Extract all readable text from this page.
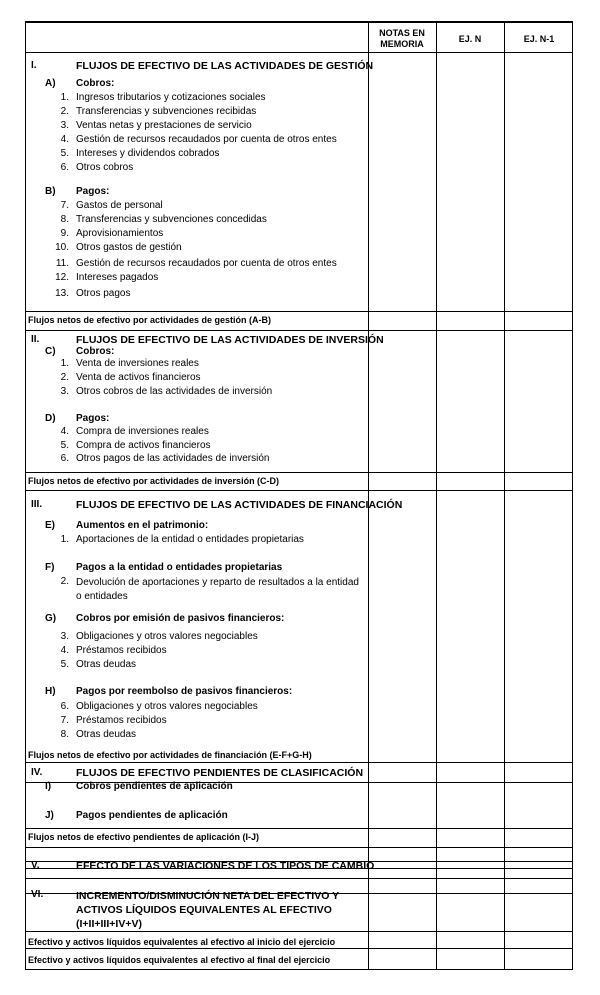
NOTAS EN MEMORIA	EJ. N	EJ. N-1
I.	FLUJOS DE EFECTIVO DE LAS ACTIVIDADES DE GESTIÓN
A) Cobros:
1. Ingresos tributarios y cotizaciones sociales
2. Transferencias y subvenciones recibidas
3. Ventas netas y prestaciones de servicio
4. Gestión de recursos recaudados por cuenta de otros entes
5. Intereses y dividendos cobrados
6. Otros cobros
B) Pagos:
7. Gastos de personal
8. Transferencias y subvenciones concedidas
9. Aprovisionamientos
10. Otros gastos de gestión
11. Gestión de recursos recaudados por cuenta de otros entes
12. Intereses pagados
13. Otros pagos
Flujos netos de efectivo por actividades de gestión (A-B)
II.	FLUJOS DE EFECTIVO DE LAS ACTIVIDADES DE INVERSIÓN
C) Cobros:
1. Venta de inversiones reales
2. Venta de activos financieros
3. Otros cobros de las actividades de inversión
D) Pagos:
4. Compra de inversiones reales
5. Compra de activos financieros
6. Otros pagos de las actividades de inversión
Flujos netos de efectivo por actividades de inversión (C-D)
III.	FLUJOS DE EFECTIVO DE LAS ACTIVIDADES DE FINANCIACIÓN
E) Aumentos en el patrimonio:
1. Aportaciones de la entidad o entidades propietarias
F) Pagos a la entidad o entidades propietarias
2. Devolución de aportaciones y reparto de resultados a la entidad o entidades
G) Cobros por emisión de pasivos financieros:
3. Obligaciones y otros valores negociables
4. Préstamos recibidos
5. Otras deudas
H) Pagos por reembolso de pasivos financieros:
6. Obligaciones y otros valores negociables
7. Préstamos recibidos
8. Otras deudas
Flujos netos de efectivo por actividades de financiación (E-F+G-H)
IV.	FLUJOS DE EFECTIVO PENDIENTES DE CLASIFICACIÓN
I) Cobros pendientes de aplicación
J) Pagos pendientes de aplicación
Flujos netos de efectivo pendientes de aplicación (I-J)
V.	EFECTO DE LAS VARIACIONES DE LOS TIPOS DE CAMBIO
VI.	INCREMENTO/DISMINUCIÓN NETA DEL EFECTIVO Y ACTIVOS LÍQUIDOS EQUIVALENTES AL EFECTIVO (I+II+III+IV+V)
Efectivo y activos líquidos equivalentes al efectivo al inicio del ejercicio
Efectivo y activos líquidos equivalentes al efectivo al final del ejercicio
